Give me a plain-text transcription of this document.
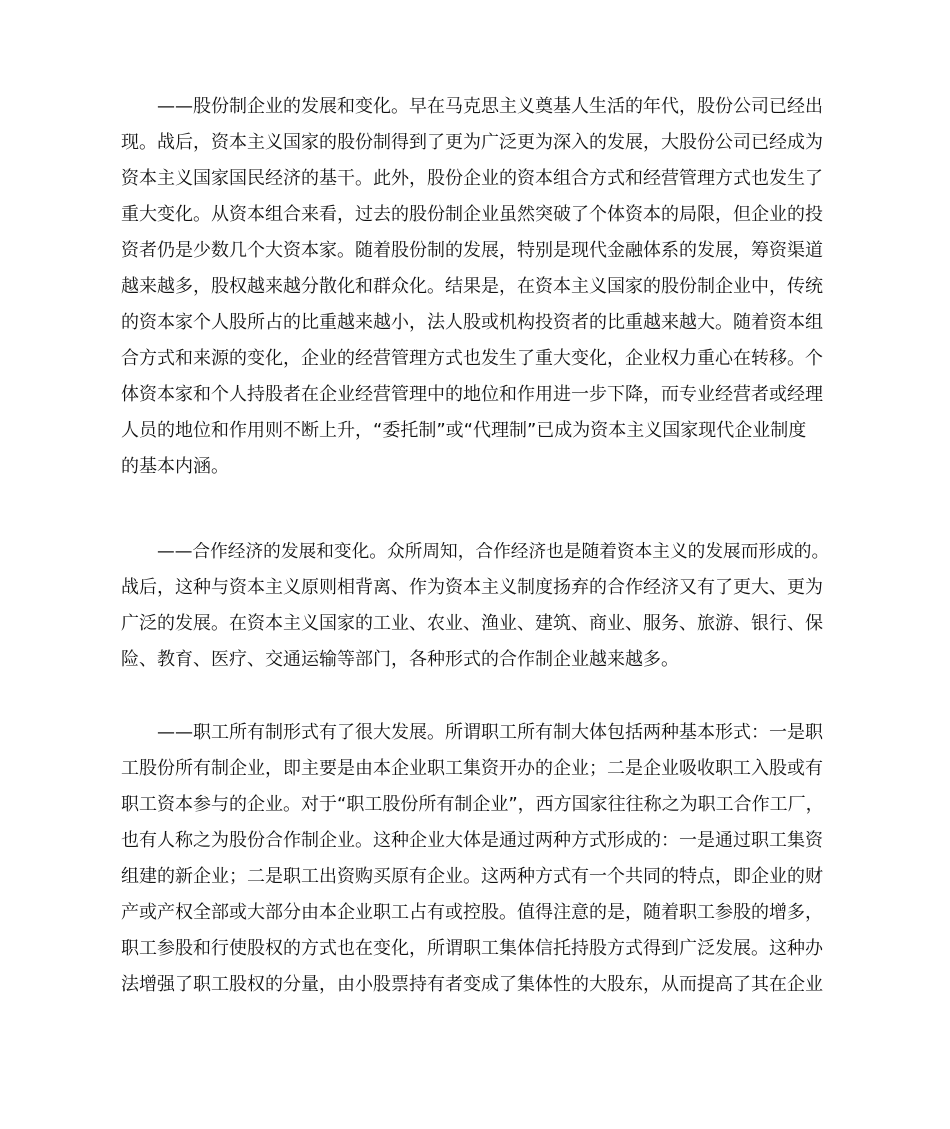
——股份制企业的发展和变化。早在马克思主义奠基人生活的年代，股份公司已经出
现。战后，资本主义国家的股份制得到了更为广泛更为深入的发展，大股份公司已经成为
资本主义国家国民经济的基干。此外，股份企业的资本组合方式和经营管理方式也发生了
重大变化。从资本组合来看，过去的股份制企业虽然突破了个体资本的局限，但企业的投
资者仍是少数几个大资本家。随着股份制的发展，特别是现代金融体系的发展，筹资渠道
越来越多，股权越来越分散化和群众化。结果是，在资本主义国家的股份制企业中，传统
的资本家个人股所占的比重越来越小，法人股或机构投资者的比重越来越大。随着资本组
合方式和来源的变化，企业的经营管理方式也发生了重大变化，企业权力重心在转移。个
体资本家和个人持股者在企业经营管理中的地位和作用进一步下降，而专业经营者或经理
人员的地位和作用则不断上升，“委托制”或“代理制”已成为资本主义国家现代企业制度
的基本内涵。
——合作经济的发展和变化。众所周知，合作经济也是随着资本主义的发展而形成的。
战后，这种与资本主义原则相背离、作为资本主义制度扬弃的合作经济又有了更大、更为
广泛的发展。在资本主义国家的工业、农业、渔业、建筑、商业、服务、旅游、银行、保
险、教育、医疗、交通运输等部门，各种形式的合作制企业越来越多。
——职工所有制形式有了很大发展。所谓职工所有制大体包括两种基本形式：一是职
工股份所有制企业，即主要是由本企业职工集资开办的企业；二是企业吸收职工入股或有
职工资本参与的企业。对于“职工股份所有制企业”，西方国家往往称之为职工合作工厂，
也有人称之为股份合作制企业。这种企业大体是通过两种方式形成的：一是通过职工集资
组建的新企业；二是职工出资购买原有企业。这两种方式有一个共同的特点，即企业的财
产或产权全部或大部分由本企业职工占有或控股。值得注意的是，随着职工参股的增多，
职工参股和行使股权的方式也在变化，所谓职工集体信托持股方式得到广泛发展。这种办
法增强了职工股权的分量，由小股票持有者变成了集体性的大股东，从而提高了其在企业
